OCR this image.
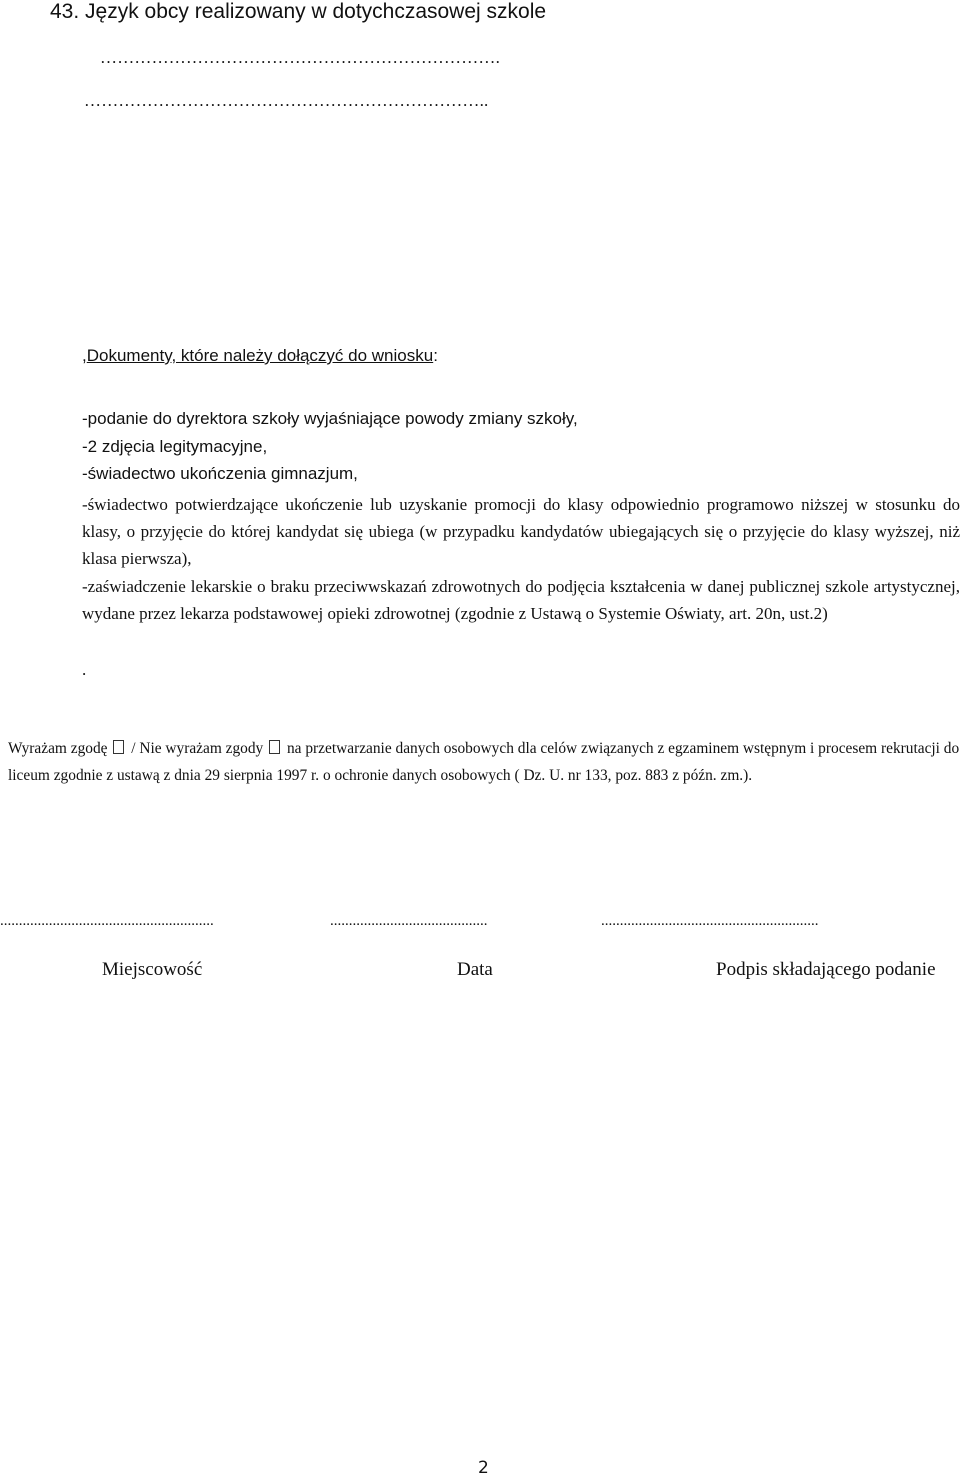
43. Język obcy realizowany w dotychczasowej szkole
…………………………………………………………….
……………………………………………………………..
,Dokumenty, które należy dołączyć do wniosku:
-podanie do dyrektora szkoły wyjaśniające powody zmiany szkoły,
-2 zdjęcia legitymacyjne,
-świadectwo ukończenia gimnazjum,
-świadectwo potwierdzające ukończenie lub uzyskanie promocji do klasy odpowiednio programowo niższej w stosunku do klasy, o przyjęcie do której kandydat się ubiega (w przypadku kandydatów ubiegających się o przyjęcie do klasy wyższej, niż klasa pierwsza),
-zaświadczenie lekarskie o braku przeciwwskazań zdrowotnych do podjęcia kształcenia w danej publicznej szkole artystycznej, wydane przez lekarza podstawowej opieki zdrowotnej (zgodnie z Ustawą o Systemie Oświaty, art. 20n, ust.2)
.
Wyrażam zgodę / Nie wyrażam zgody na przetwarzanie danych osobowych dla celów związanych z egzaminem wstępnym i procesem rekrutacji do liceum zgodnie z ustawą z dnia 29 sierpnia 1997 r. o ochronie danych osobowych ( Dz. U. nr 133, poz. 883 z późn. zm.).
.........................................................	..........................................	..........................................................
Miejscowość	Data	Podpis składającego podanie
2
